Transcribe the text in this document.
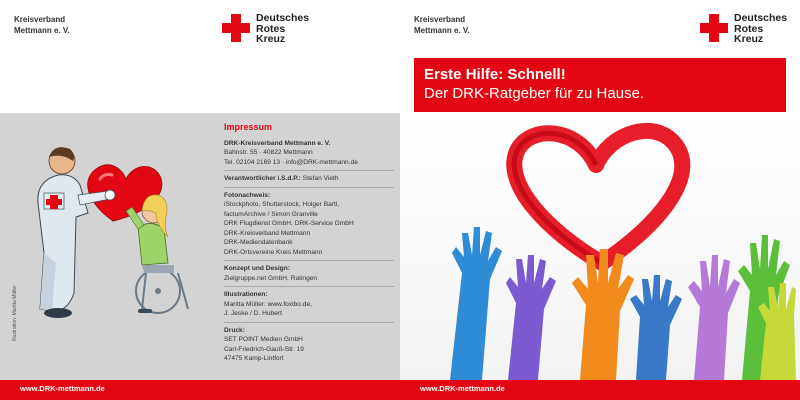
Kreisverband
Mettmann e. V.
Deutsches
Rotes
Kreuz
Illustration: Maritta Müller
Impressum
DRK-Kreisverband Mettmann e. V.
Bahnstr. 55 · 40822 Mettmann
Tel. 02104 2169 13 · info@DRK-mettmann.de
Verantwortlicher i.S.d.P.: Stefan Vieth
Fotonachweis:
iStockphoto, Shutterstock, Holger Bartl,
factumArchive / Simon Granville
DRK Flugdienst GmbH, DRK-Service GmbH
DRK-Kreisverband Mettmann
DRK-Mediendatenbank
DRK-Ortsvereine Kreis Mettmann
Konzept und Design:
Zielgruppe.net GmbH, Ratingen
Illustrationen:
Maritta Müller: www.foxibo.de,
J. Jeske / D. Hubert
Druck:
SET POINT Medien GmbH
Carl-Friedrich-Gauß-Str. 19
47475 Kamp-Lintfort
www.DRK-mettmann.de
Kreisverband
Mettmann e. V.
Deutsches
Rotes
Kreuz
Erste Hilfe: Schnell!
Der DRK-Ratgeber für zu Hause.
www.DRK-mettmann.de
